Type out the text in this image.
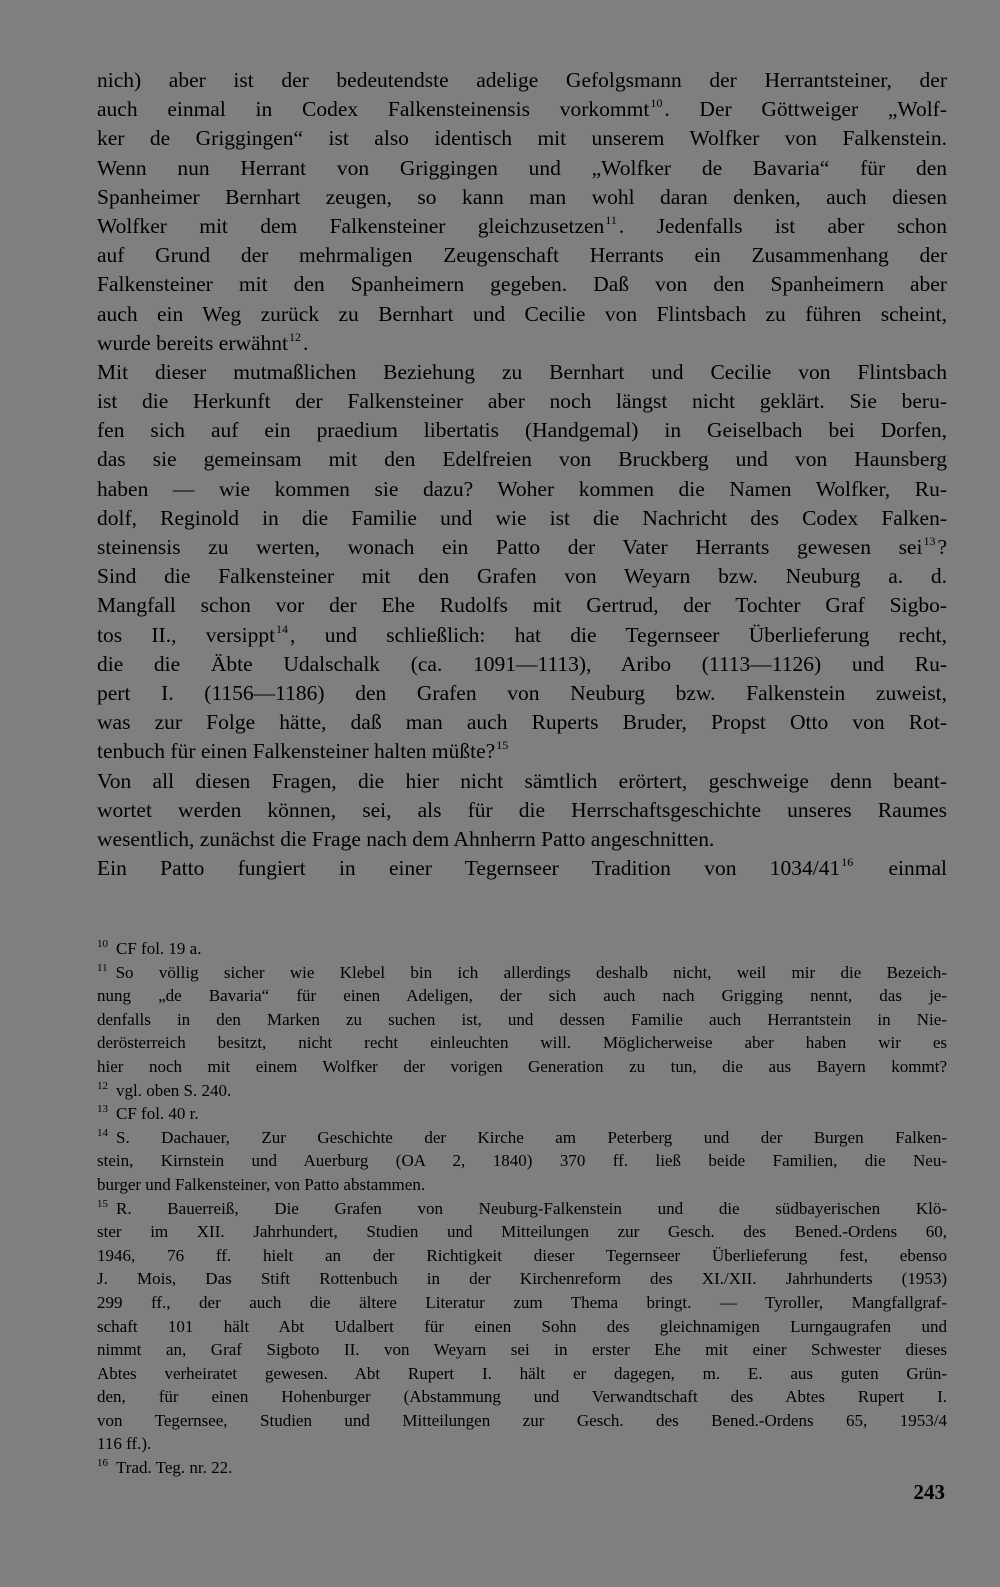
nich) aber ist der bedeutendste adelige Gefolgsmann der Herrantsteiner, der
auch einmal in Codex Falkensteinensis vorkommt$^{10}$. Der Göttweiger „Wolf-
ker de Griggingen“ ist also identisch mit unserem Wolfker von Falkenstein.
Wenn nun Herrant von Griggingen und „Wolfker de Bavaria“ für den
Spanheimer Bernhart zeugen, so kann man wohl daran denken, auch diesen
Wolfker mit dem Falkensteiner gleichzusetzen$^{11}$. Jedenfalls ist aber schon
auf Grund der mehrmaligen Zeugenschaft Herrants ein Zusammenhang der
Falkensteiner mit den Spanheimern gegeben. Daß von den Spanheimern aber
auch ein Weg zurück zu Bernhart und Cecilie von Flintsbach zu führen scheint,
wurde bereits erwähnt$^{12}$.
Mit dieser mutmaßlichen Beziehung zu Bernhart und Cecilie von Flintsbach
ist die Herkunft der Falkensteiner aber noch längst nicht geklärt. Sie beru-
fen sich auf ein praedium libertatis (Handgemal) in Geiselbach bei Dorfen,
das sie gemeinsam mit den Edelfreien von Bruckberg und von Haunsberg
haben — wie kommen sie dazu? Woher kommen die Namen Wolfker, Ru-
dolf, Reginold in die Familie und wie ist die Nachricht des Codex Falken-
steinensis zu werten, wonach ein Patto der Vater Herrants gewesen sei$^{13}$?
Sind die Falkensteiner mit den Grafen von Weyarn bzw. Neuburg a. d.
Mangfall schon vor der Ehe Rudolfs mit Gertrud, der Tochter Graf Sigbo-
tos II., versippt$^{14}$, und schließlich: hat die Tegernseer Überlieferung recht,
die die Äbte Udalschalk (ca. 1091—1113), Aribo (1113—1126) und Ru-
pert I. (1156—1186) den Grafen von Neuburg bzw. Falkenstein zuweist,
was zur Folge hätte, daß man auch Ruperts Bruder, Propst Otto von Rot-
tenbuch für einen Falkensteiner halten müßte?$^{15}$
Von all diesen Fragen, die hier nicht sämtlich erörtert, geschweige denn beant-
wortet werden können, sei, als für die Herrschaftsgeschichte unseres Raumes
wesentlich, zunächst die Frage nach dem Ahnherrn Patto angeschnitten.
Ein Patto fungiert in einer Tegernseer Tradition von $1034/41^{16}$ einmal
$^{10}$ CF fol. 19 a.
$^{11}$ So völlig sicher wie Klebel bin ich allerdings deshalb nicht, weil mir die Bezeich-
nung „de Bavaria“ für einen Adeligen, der sich auch nach Grigging nennt, das je-
denfalls in den Marken zu suchen ist, und dessen Familie auch Herrantstein in Nie-
derösterreich besitzt, nicht recht einleuchten will. Möglicherweise aber haben wir es
hier noch mit einem Wolfker der vorigen Generation zu tun, die aus Bayern kommt?
$^{12}$ vgl. oben S. 240.
$^{13}$ CF fol. 40 r.
$^{14}$ S. Dachauer, Zur Geschichte der Kirche am Peterberg und der Burgen Falken-
stein, Kirnstein und Auerburg (OA 2, 1840) 370 ff. ließ beide Familien, die Neu-
burger und Falkensteiner, von Patto abstammen.
$^{15}$ R. Bauerreiß, Die Grafen von Neuburg-Falkenstein und die südbayerischen Klö-
ster im XII. Jahrhundert, Studien und Mitteilungen zur Gesch. des Bened.-Ordens 60,
1946, 76 ff. hielt an der Richtigkeit dieser Tegernseer Überlieferung fest, ebenso
J. Mois, Das Stift Rottenbuch in der Kirchenreform des XI./XII. Jahrhunderts (1953)
299 ff., der auch die ältere Literatur zum Thema bringt. — Tyroller, Mangfallgraf-
schaft 101 hält Abt Udalbert für einen Sohn des gleichnamigen Lurngaugrafen und
nimmt an, Graf Sigboto II. von Weyarn sei in erster Ehe mit einer Schwester dieses
Abtes verheiratet gewesen. Abt Rupert I. hält er dagegen, m. E. aus guten Grün-
den, für einen Hohenburger (Abstammung und Verwandtschaft des Abtes Rupert I.
von Tegernsee, Studien und Mitteilungen zur Gesch. des Bened.-Ordens 65, 1953/4
116 ff.).
$^{16}$ Trad. Teg. nr. 22.
243
